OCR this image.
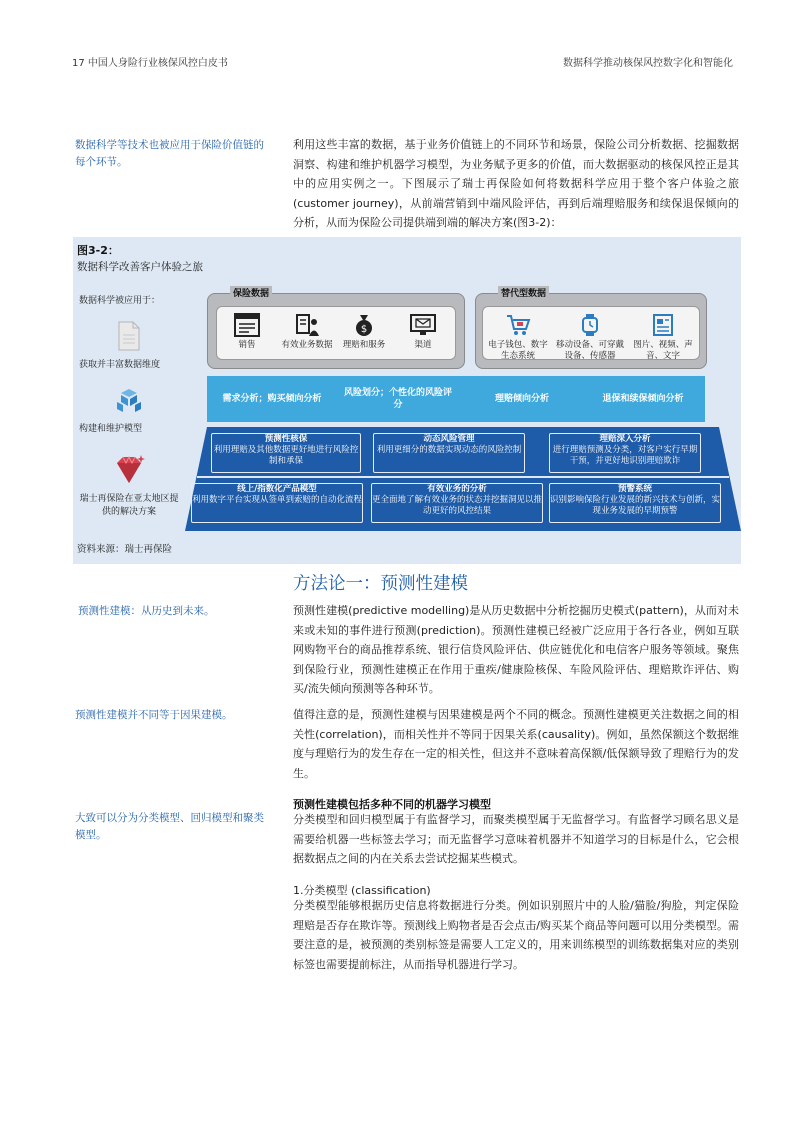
17 中国人身险行业核保风控白皮书	数据科学推动核保风控数字化和智能化
数据科学等技术也被应用于保险价值链的每个环节。
预测性建模：从历史到未来。
预测性建模并不同等于因果建模。
大致可以分为分类模型、回归模型和聚类模型。
利用这些丰富的数据，基于业务价值链上的不同环节和场景，保险公司分析数据、挖掘数据洞察、构建和维护机器学习模型，为业务赋予更多的价值，而大数据驱动的核保风控正是其中的应用实例之一。下图展示了瑞士再保险如何将数据科学应用于整个客户体验之旅(customer journey)，从前端营销到中端风险评估，再到后端理赔服务和续保退保倾向的分析，从而为保险公司提供端到端的解决方案(图3-2)：
图3-2：
数据科学改善客户体验之旅
数据科学被应用于：
获取并丰富数据维度
构建和维护模型
瑞士再保险在亚太地区提供的解决方案
保险数据
销售	有效业务数据
$
理赔和服务	渠道
替代型数据
电子钱包、数字生态系统
移动设备、可穿戴设备、传感器
图片、视频、声音、文字
需求分析；购买倾向分析
风险划分；个性化的风险评分
理赔倾向分析	退保和续保倾向分析
预测性核保
利用理赔及其他数据更好地进行风险控制和承保
动态风险管理
利用更细分的数据实现动态的风险控制
理赔深入分析
进行理赔预测及分类，对客户实行早期干预，并更好地识别理赔欺诈
线上/指数化产品模型
利用数字平台实现从签单到索赔的自动化流程
有效业务的分析
更全面地了解有效业务的状态并挖掘洞见以推动更好的风控结果
预警系统
识别影响保险行业发展的新兴技术与创新，实现业务发展的早期预警
资料来源：瑞士再保险
方法论一：预测性建模
预测性建模(predictive modelling)是从历史数据中分析挖掘历史模式(pattern)，从而对未来或未知的事件进行预测(prediction)。预测性建模已经被广泛应用于各行各业，例如互联网购物平台的商品推荐系统、银行信贷风险评估、供应链优化和电信客户服务等领域。聚焦到保险行业，预测性建模正在作用于重疾/健康险核保、车险风险评估、理赔欺诈评估、购买/流失倾向预测等各种环节。
值得注意的是，预测性建模与因果建模是两个不同的概念。预测性建模更关注数据之间的相关性(correlation)，而相关性并不等同于因果关系(causality)。例如，虽然保额这个数据维度与理赔行为的发生存在一定的相关性，但这并不意味着高保额/低保额导致了理赔行为的发生。
预测性建模包括多种不同的机器学习模型
分类模型和回归模型属于有监督学习，而聚类模型属于无监督学习。有监督学习顾名思义是需要给机器一些标签去学习；而无监督学习意味着机器并不知道学习的目标是什么，它会根据数据点之间的内在关系去尝试挖掘某些模式。
1.分类模型 (classification)
分类模型能够根据历史信息将数据进行分类。例如识别照片中的人脸/猫脸/狗脸，判定保险理赔是否存在欺诈等。预测线上购物者是否会点击/购买某个商品等问题可以用分类模型。需要注意的是，被预测的类别标签是需要人工定义的，用来训练模型的训练数据集对应的类别标签也需要提前标注，从而指导机器进行学习。
